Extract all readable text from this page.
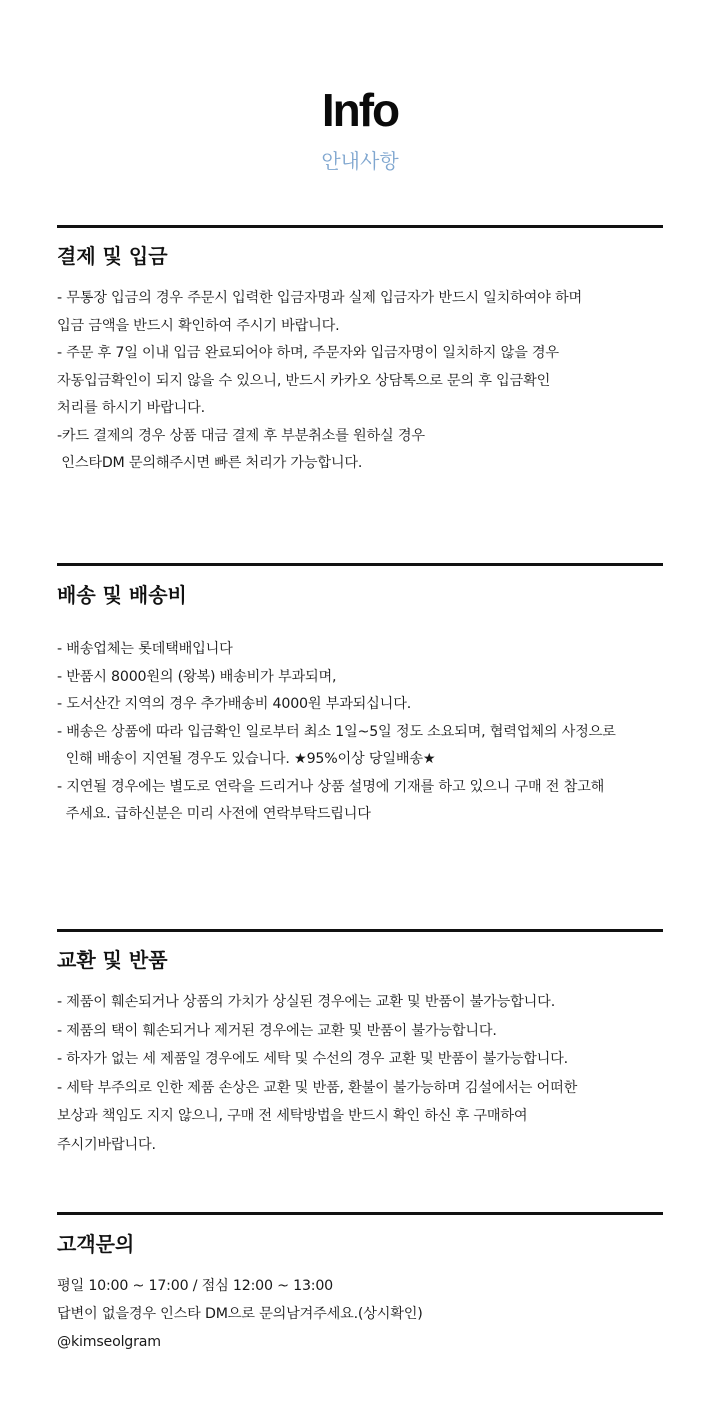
Info
안내사항
결제 및 입금
- 무통장 입금의 경우 주문시 입력한 입금자명과 실제 입금자가 반드시 일치하여야 하며
입금 금액을 반드시 확인하여 주시기 바랍니다.
- 주문 후 7일 이내 입금 완료되어야 하며, 주문자와 입금자명이 일치하지 않을 경우
자동입금확인이 되지 않을 수 있으니, 반드시 카카오 상담톡으로 문의 후 입금확인
처리를 하시기 바랍니다.
-카드 결제의 경우 상품 대금 결제 후 부분취소를 원하실 경우
인스타DM 문의해주시면 빠른 처리가 가능합니다.
배송 및 배송비
- 배송업체는 롯데택배입니다
- 반품시 8000원의 (왕복) 배송비가 부과되며,
- 도서산간 지역의 경우 추가배송비 4000원 부과되십니다.
- 배송은 상품에 따라 입금확인 일로부터 최소 1일~5일 정도 소요되며, 협력업체의 사정으로
인해 배송이 지연될 경우도 있습니다. ★95%이상 당일배송★
- 지연될 경우에는 별도로 연락을 드리거나 상품 설명에 기재를 하고 있으니 구매 전 참고해
주세요. 급하신분은 미리 사전에 연락부탁드립니다
교환 및 반품
- 제품이 훼손되거나 상품의 가치가 상실된 경우에는 교환 및 반품이 불가능합니다.
- 제품의 택이 훼손되거나 제거된 경우에는 교환 및 반품이 불가능합니다.
- 하자가 없는 세 제품일 경우에도 세탁 및 수선의 경우 교환 및 반품이 불가능합니다.
- 세탁 부주의로 인한 제품 손상은 교환 및 반품, 환불이 불가능하며 김설에서는 어떠한
보상과 책임도 지지 않으니, 구매 전 세탁방법을 반드시 확인 하신 후 구매하여
주시기바랍니다.
고객문의
평일 10:00 ~ 17:00 / 점심 12:00 ~ 13:00
답변이 없을경우 인스타 DM으로 문의남겨주세요.(상시확인)
@kimseolgram
